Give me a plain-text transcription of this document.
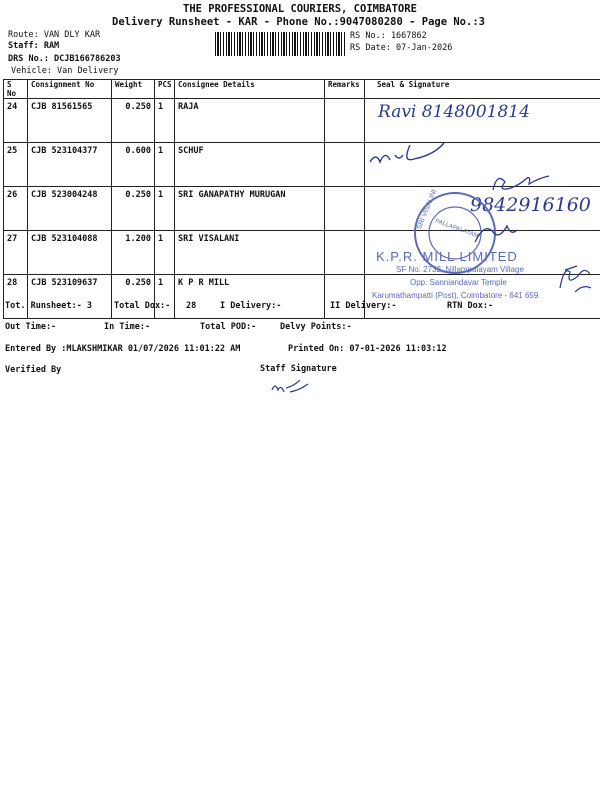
THE PROFESSIONAL COURIERS, COIMBATORE
Delivery Runsheet - KAR - Phone No.:9047080280 - Page No.:3
Route: VAN DLY KAR
Staff: RAM
DRS No.: DCJB166786203
Vehicle: Van Delivery
RS No.: 1667862
RS Date: 07-Jan-2026
S No	Consignment No	Weight	PCS	Consignee Details	Remarks	Seal & Signature
24	CJB 81561565	0.250	1	RAJA		
25	CJB 523104377	0.600	1	SCHUF		
26	CJB 523004248	0.250	1	SRI GANAPATHY MURUGAN		
27	CJB 523104088	1.200	1	SRI VISALANI		
28	CJB 523109637	0.250	1	K P R MILL		
Ravi 8148001814
9842916160
SRI VISALINI
PALLAPALAYAM
K.P.R. MILL LIMITED
SF No. 2732, Nillampalayam Village
Opp. Sanniandavar Temple
Karumathampatti (Post), Coimbatore - 641 659
Tot. Runsheet:- 3	Total Dox:- 28	I Delivery:-	II Delivery:-	RTN Dox:-
Out Time:-	In Time:-	Total POD:-	Delvy Points:-
Entered By :MLAKSHMIKAR 01/07/2026 11:01:22 AM	Printed On: 07-01-2026 11:03:12
Verified By	Staff Signature
